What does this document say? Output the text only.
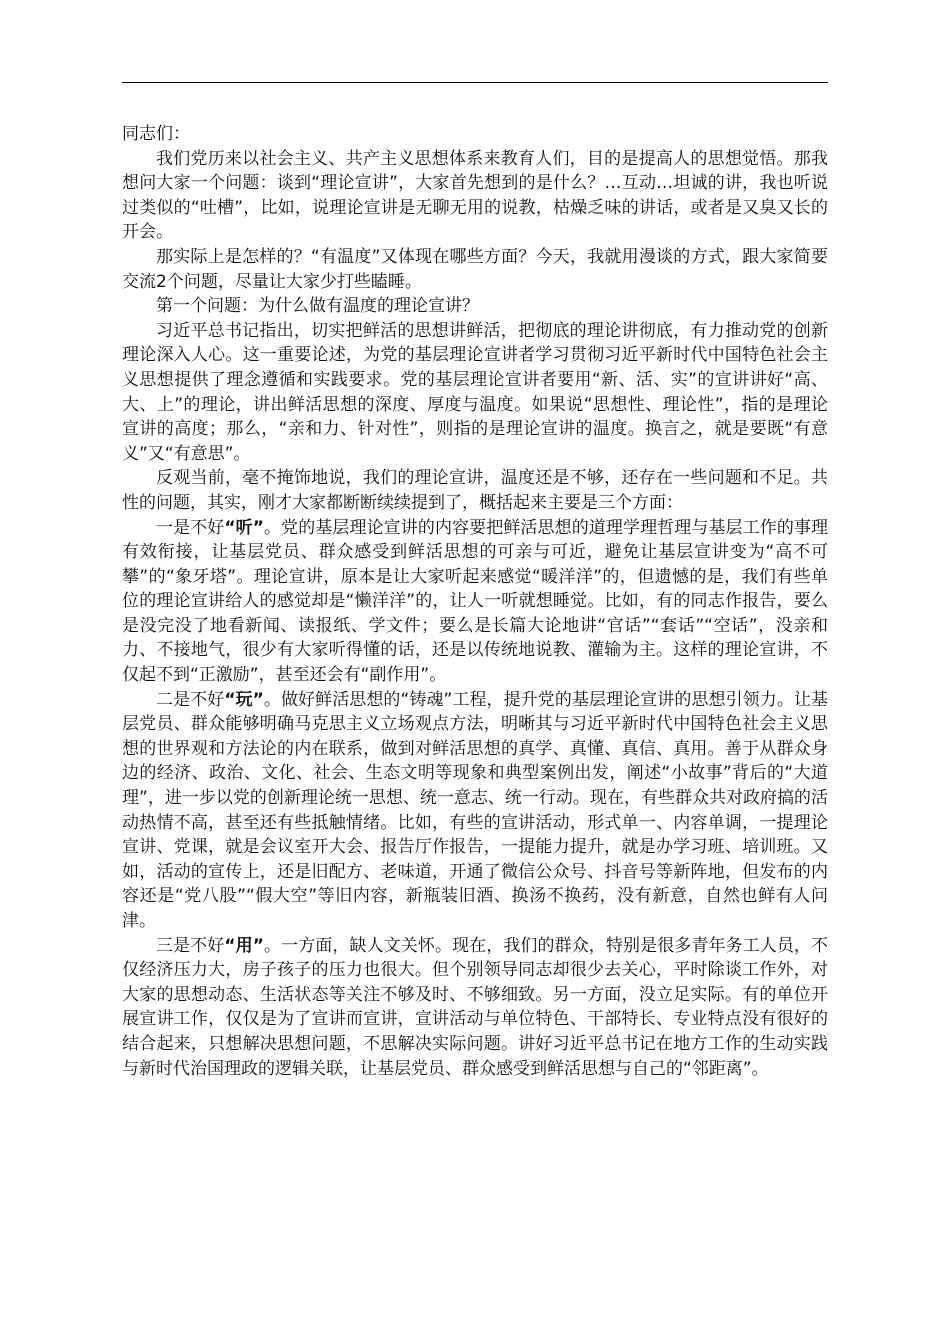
同志们：

我们党历来以社会主义、共产主义思想体系来教育人们，目的是提高人的思想觉悟。那我想问大家一个问题：谈到“理论宣讲”，大家首先想到的是什么？…互动…坦诚的讲，我也听说过类似的“吐槽”，比如，说理论宣讲是无聊无用的说教，枯燥乏味的讲话，或者是又臭又长的开会。

那实际上是怎样的？“有温度”又体现在哪些方面？今天，我就用漫谈的方式，跟大家简要交流2个问题，尽量让大家少打些瞌睡。

第一个问题：为什么做有温度的理论宣讲？

习近平总书记指出，切实把鲜活的思想讲鲜活，把彻底的理论讲彻底，有力推动党的创新理论深入人心。这一重要论述，为党的基层理论宣讲者学习贯彻习近平新时代中国特色社会主义思想提供了理念遵循和实践要求。党的基层理论宣讲者要用“新、活、实”的宣讲讲好“高、大、上”的理论，讲出鲜活思想的深度、厚度与温度。如果说“思想性、理论性”，指的是理论宣讲的高度；那么，“亲和力、针对性”，则指的是理论宣讲的温度。换言之，就是要既“有意义”又“有意思”。

反观当前，毫不掩饰地说，我们的理论宣讲，温度还是不够，还存在一些问题和不足。共性的问题，其实，刚才大家都断断续续提到了，概括起来主要是三个方面：

一是不好“听”。党的基层理论宣讲的内容要把鲜活思想的道理学理哲理与基层工作的事理有效衔接，让基层党员、群众感受到鲜活思想的可亲与可近，避免让基层宣讲变为“高不可攀”的“象牙塔”。理论宣讲，原本是让大家听起来感觉“暖洋洋”的，但遗憾的是，我们有些单位的理论宣讲给人的感觉却是“懒洋洋”的，让人一听就想睡觉。比如，有的同志作报告，要么是没完没了地看新闻、读报纸、学文件；要么是长篇大论地讲“官话”“套话”“空话”，没亲和力、不接地气，很少有大家听得懂的话，还是以传统地说教、灌输为主。这样的理论宣讲，不仅起不到“正激励”，甚至还会有“副作用”。

二是不好“玩”。做好鲜活思想的“铸魂”工程，提升党的基层理论宣讲的思想引领力。让基层党员、群众能够明确马克思主义立场观点方法，明晰其与习近平新时代中国特色社会主义思想的世界观和方法论的内在联系，做到对鲜活思想的真学、真懂、真信、真用。善于从群众身边的经济、政治、文化、社会、生态文明等现象和典型案例出发，阐述“小故事”背后的“大道理”，进一步以党的创新理论统一思想、统一意志、统一行动。现在，有些群众共对政府搞的活动热情不高，甚至还有些抵触情绪。比如，有些的宣讲活动，形式单一、内容单调，一提理论宣讲、党课，就是会议室开大会、报告厅作报告，一提能力提升，就是办学习班、培训班。又如，活动的宣传上，还是旧配方、老味道，开通了微信公众号、抖音号等新阵地，但发布的内容还是“党八股”“假大空”等旧内容，新瓶装旧酒、换汤不换药，没有新意，自然也鲜有人问津。

三是不好“用”。一方面，缺人文关怀。现在，我们的群众，特别是很多青年务工人员，不仅经济压力大，房子孩子的压力也很大。但个别领导同志却很少去关心，平时除谈工作外，对大家的思想动态、生活状态等关注不够及时、不够细致。另一方面，没立足实际。有的单位开展宣讲工作，仅仅是为了宣讲而宣讲，宣讲活动与单位特色、干部特长、专业特点没有很好的结合起来，只想解决思想问题，不思解决实际问题。讲好习近平总书记在地方工作的生动实践与新时代治国理政的逻辑关联，让基层党员、群众感受到鲜活思想与自己的“邻距离”。
